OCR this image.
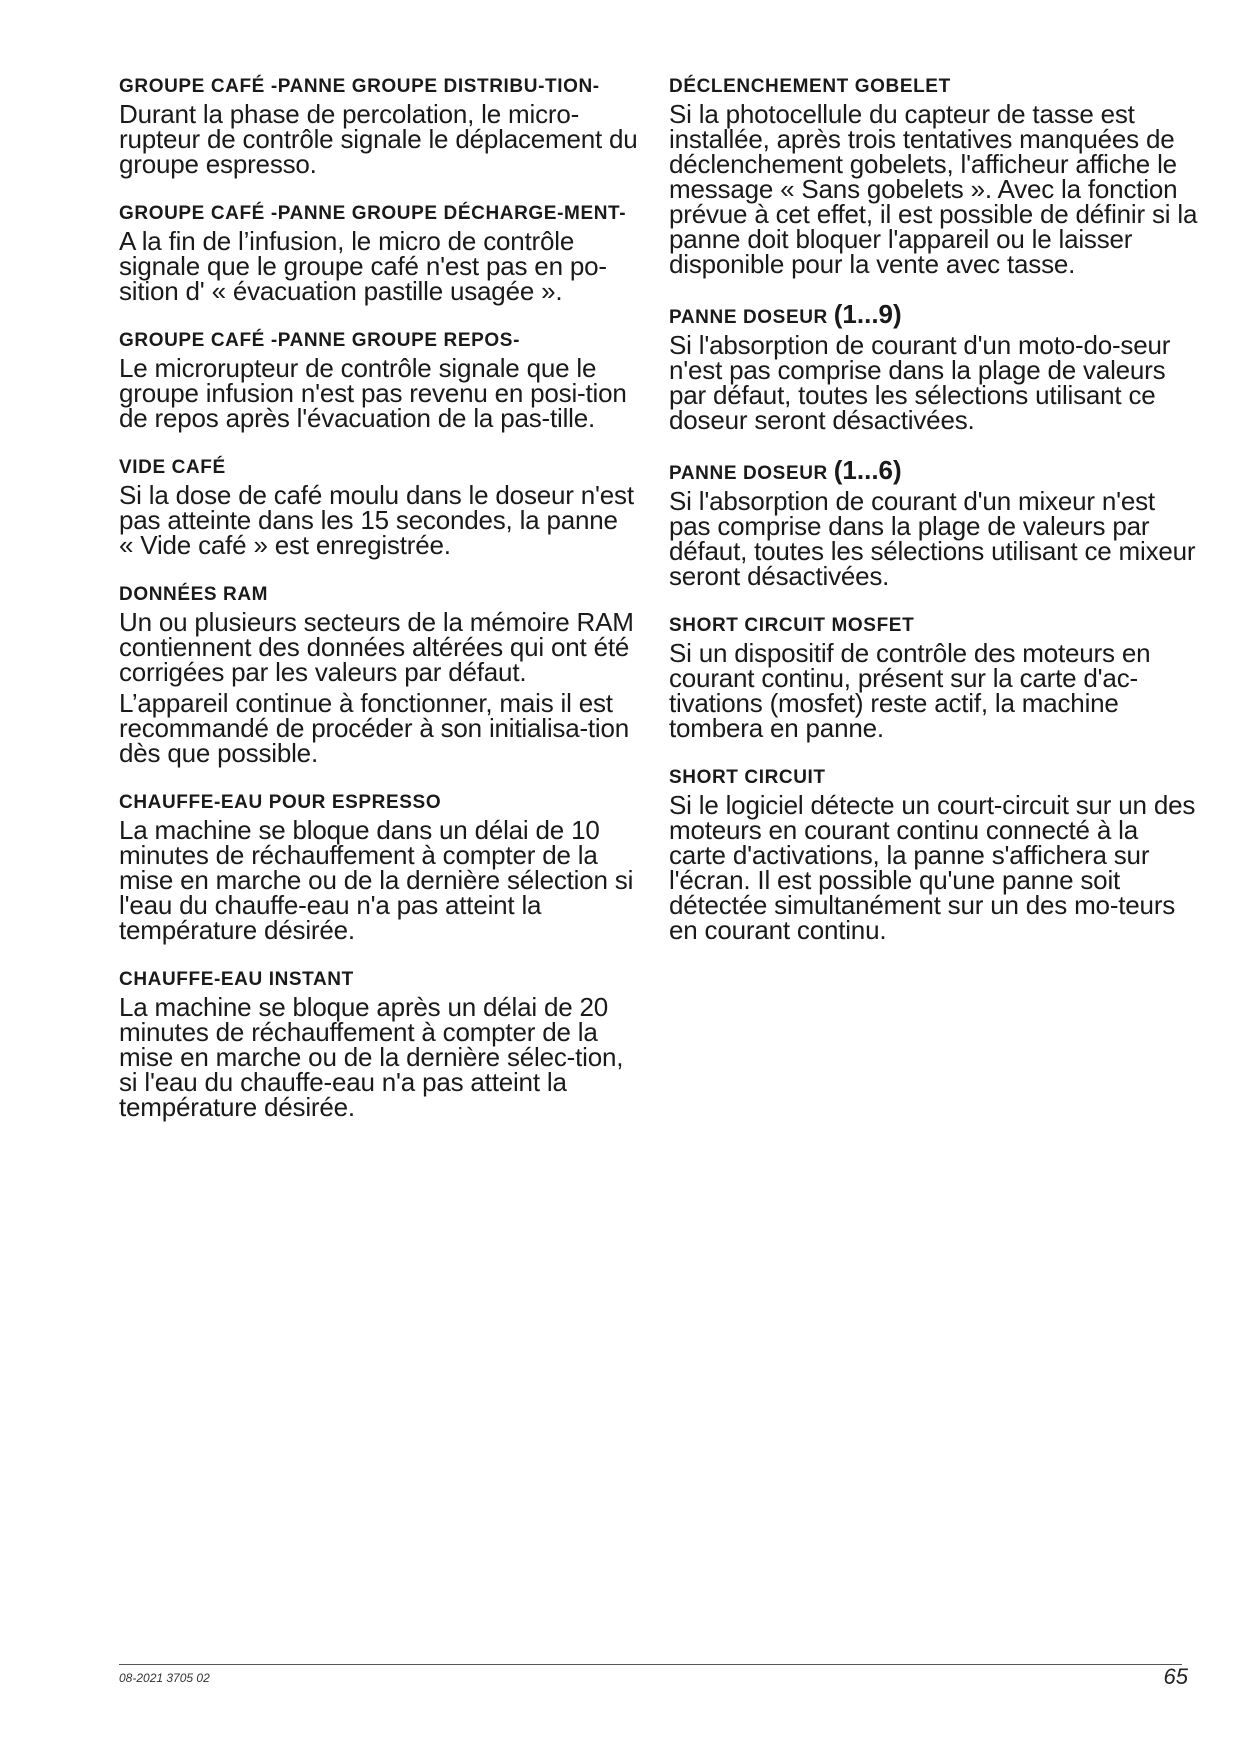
GROUPE CAFÉ -PANNE GROUPE DISTRIBU-TION-

Durant la phase de percolation, le micro-rupteur de contrôle signale le déplacement du groupe espresso.

GROUPE CAFÉ -PANNE GROUPE DÉCHARGE-MENT-

A la fin de l’infusion, le micro de contrôle signale que le groupe café n'est pas en po-sition d' « évacuation pastille usagée ».

GROUPE CAFÉ -PANNE GROUPE REPOS-

Le microrupteur de contrôle signale que le groupe infusion n'est pas revenu en posi-tion de repos après l'évacuation de la pas-tille.

VIDE CAFÉ

Si la dose de café moulu dans le doseur n'est pas atteinte dans les 15 secondes, la panne « Vide café » est enregistrée.

DONNÉES RAM

Un ou plusieurs secteurs de la mémoire RAM contiennent des données altérées qui ont été corrigées par les valeurs par défaut.

L’appareil continue à fonctionner, mais il est recommandé de procéder à son initialisa-tion dès que possible.

CHAUFFE-EAU POUR ESPRESSO

La machine se bloque dans un délai de 10 minutes de réchauffement à compter de la mise en marche ou de la dernière sélection si l'eau du chauffe-eau n'a pas atteint la température désirée.

CHAUFFE-EAU INSTANT

La machine se bloque après un délai de 20 minutes de réchauffement à compter de la mise en marche ou de la dernière sélec-tion, si l'eau du chauffe-eau n'a pas atteint la température désirée.

DÉCLENCHEMENT GOBELET

Si la photocellule du capteur de tasse est installée, après trois tentatives manquées de déclenchement gobelets, l'afficheur affiche le message « Sans gobelets ». Avec la fonction prévue à cet effet, il est possible de définir si la panne doit bloquer l'appareil ou le laisser disponible pour la vente avec tasse.

PANNE DOSEUR (1...9)

Si l'absorption de courant d'un moto-do-seur n'est pas comprise dans la plage de valeurs par défaut, toutes les sélections utilisant ce doseur seront désactivées.

PANNE DOSEUR (1...6)

Si l'absorption de courant d'un mixeur n'est pas comprise dans la plage de valeurs par défaut, toutes les sélections utilisant ce mixeur seront désactivées.

SHORT CIRCUIT MOSFET

Si un dispositif de contrôle des moteurs en courant continu, présent sur la carte d'ac-tivations (mosfet) reste actif, la machine tombera en panne.

SHORT CIRCUIT

Si le logiciel détecte un court-circuit sur un des moteurs en courant continu connecté à la carte d'activations, la panne s'affichera sur l'écran. Il est possible qu'une panne soit détectée simultanément sur un des mo-teurs en courant continu.

08-2021 3705 02	65
